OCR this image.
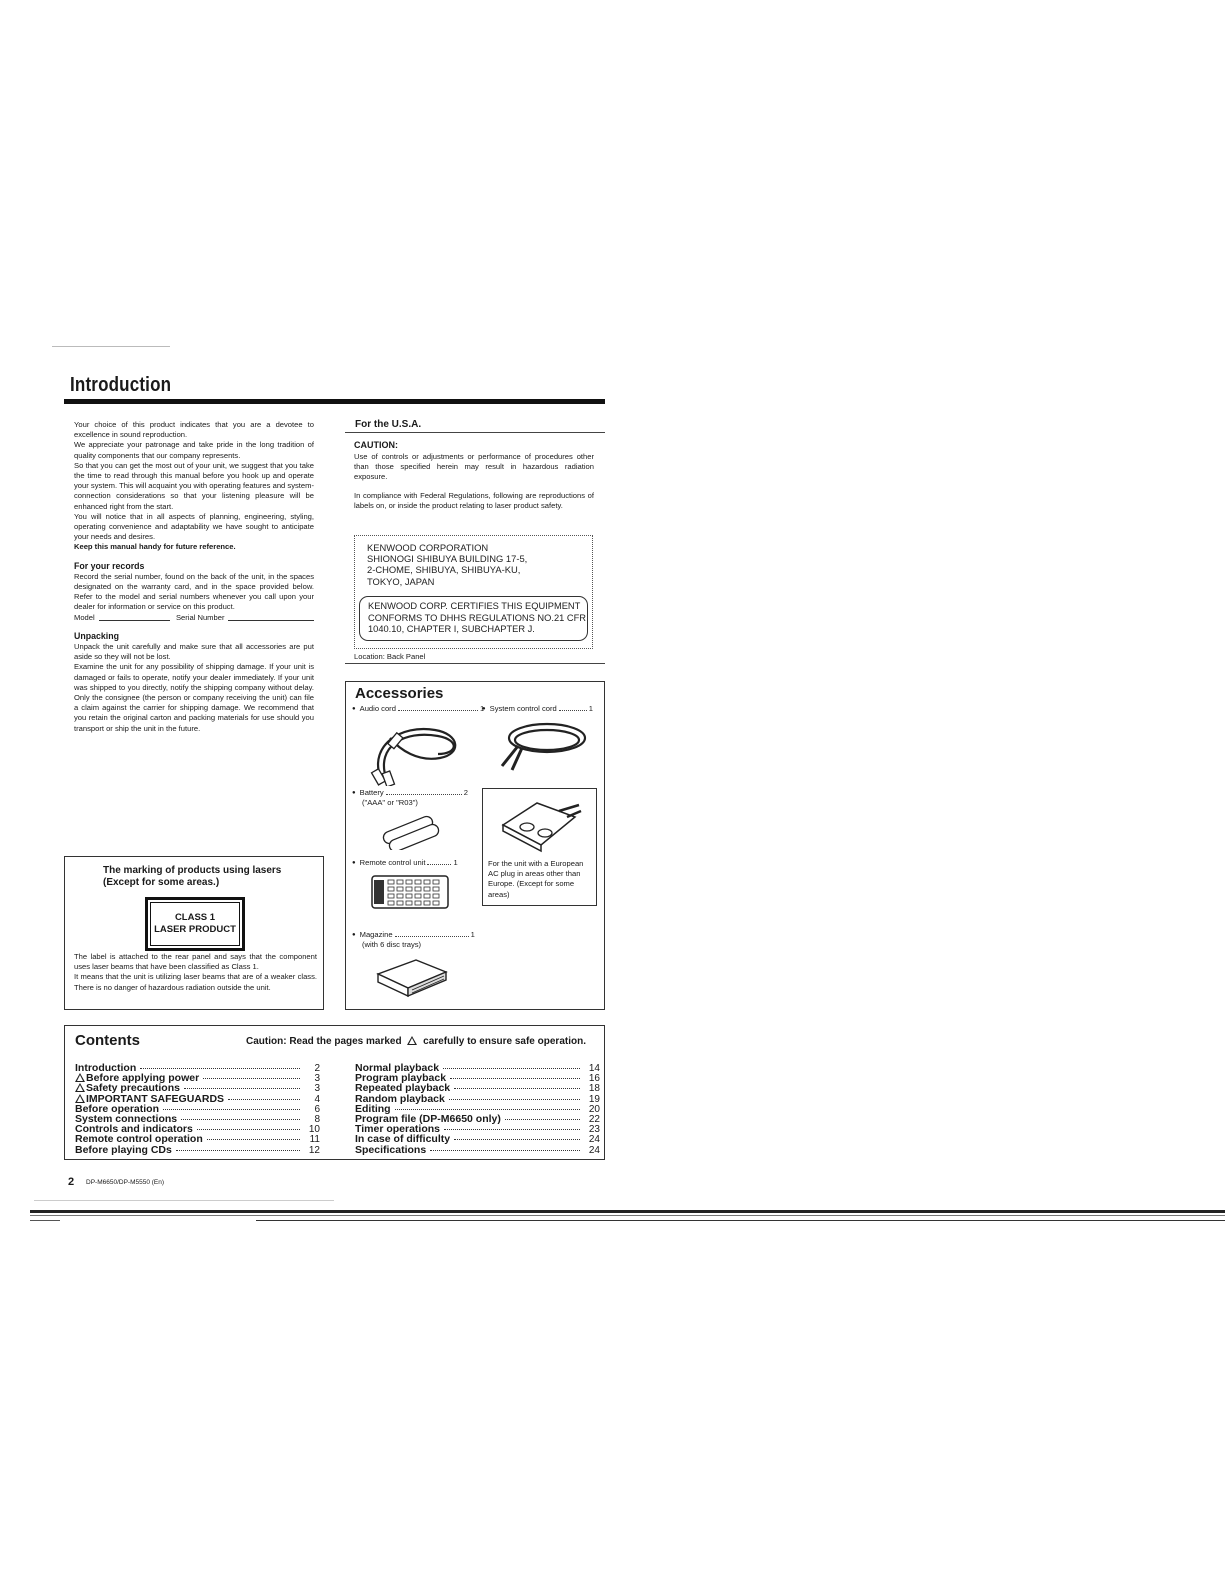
Introduction

Your choice of this product indicates that you are a devotee to excellence in sound reproduction.

We appreciate your patronage and take pride in the long tradition of quality components that our company represents.

So that you can get the most out of your unit, we suggest that you take the time to read through this manual before you hook up and operate your system. This will acquaint you with operating features and system-connection considerations so that your listening pleasure will be enhanced right from the start.

You will notice that in all aspects of planning, engineering, styling, operating convenience and adaptability we have sought to anticipate your needs and desires.

Keep this manual handy for future reference.

For your records

Record the serial number, found on the back of the unit, in the spaces designated on the warranty card, and in the space provided below. Refer to the model and serial numbers whenever you call upon your dealer for information or service on this product.

Model	Serial Number
Unpacking

Unpack the unit carefully and make sure that all accessories are put aside so they will not be lost.

Examine the unit for any possibility of shipping damage. If your unit is damaged or fails to operate, notify your dealer immediately. If your unit was shipped to you directly, notify the shipping company without delay. Only the consignee (the person or company receiving the unit) can file a claim against the carrier for shipping damage. We recommend that you retain the original carton and packing materials for use should you transport or ship the unit in the future.

The marking of products using lasers
(Except for some areas.)
CLASS 1
LASER PRODUCT

The label is attached to the rear panel and says that the component uses laser beams that have been classified as Class 1.

It means that the unit is utilizing laser beams that are of a weaker class. There is no danger of hazardous radiation outside the unit.

For the U.S.A.
CAUTION:

Use of controls or adjustments or performance of procedures other than those specified herein may result in hazardous radiation exposure.

In compliance with Federal Regulations, following are reproductions of labels on, or inside the product relating to laser product safety.

KENWOOD CORPORATION
SHIONOGI SHIBUYA BUILDING 17-5,
2-CHOME, SHIBUYA, SHIBUYA-KU,
TOKYO, JAPAN
KENWOOD CORP. CERTIFIES THIS EQUIPMENT
CONFORMS TO DHHS REGULATIONS NO.21 CFR
1040.10, CHAPTER I, SUBCHAPTER J.
Location: Back Panel
Accessories
● Audio cord	1 ● System control cord	1
● Battery	2
("AAA" or "R03")
● Remote control unit	1
● Magazine	1
(with 6 disc trays)
For the unit with a European AC plug in areas other than Europe. (Except for some areas)
Contents	Caution: Read the pages marked carefully to ensure safe operation.
Introduction	2
Before applying power	3
Safety precautions	3
IMPORTANT SAFEGUARDS	4
Before operation	6
System connections	8
Controls and indicators	10
Remote control operation	11
Before playing CDs	12
Normal playback	14
Program playback	16
Repeated playback	18
Random playback	19
Editing	20
Program file (DP-M6650 only)	22
Timer operations	23
In case of difficulty	24
Specifications	24
2 DP-M6650/DP-M5550 (En)
